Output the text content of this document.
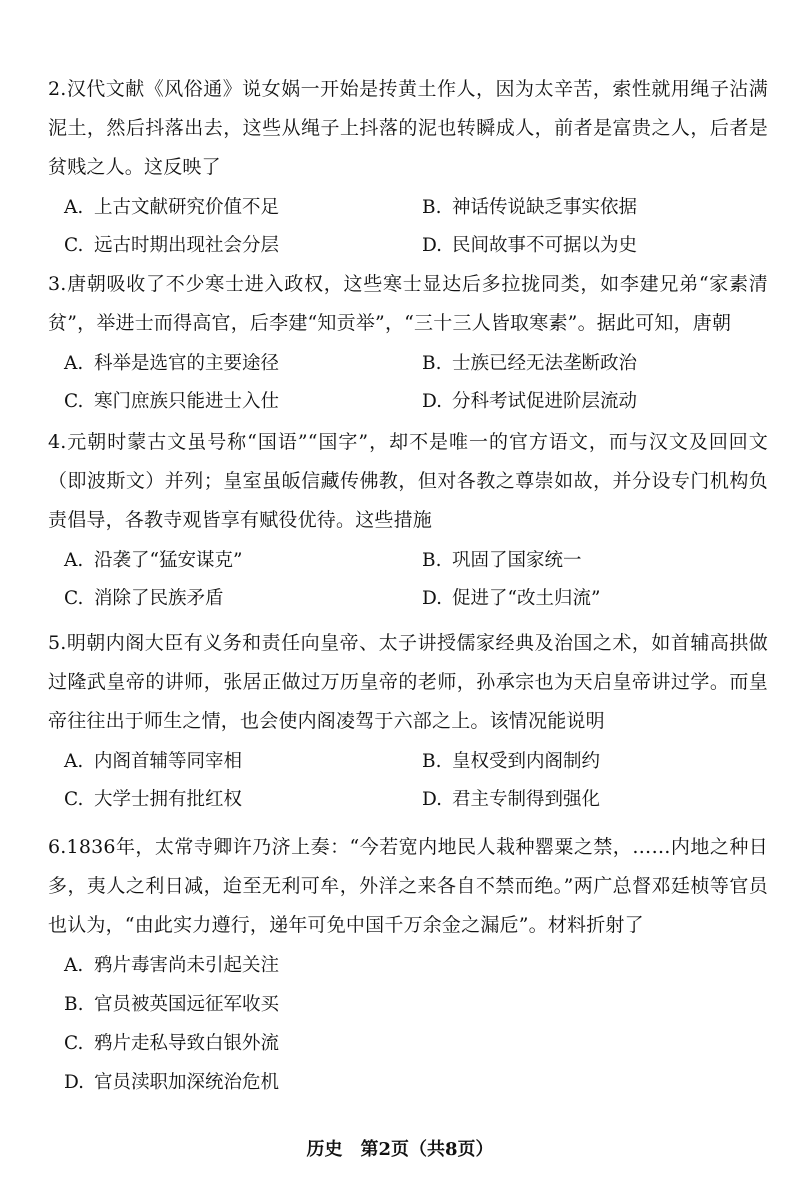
2.汉代文献《风俗通》说女娲一开始是抟黄土作人，因为太辛苦，索性就用绳子沾满泥土，然后抖落出去，这些从绳子上抖落的泥也转瞬成人，前者是富贵之人，后者是贫贱之人。这反映了

A. 上古文献研究价值不足	B. 神话传说缺乏事实依据
C. 远古时期出现社会分层	D. 民间故事不可据以为史

3.唐朝吸收了不少寒士进入政权，这些寒士显达后多拉拢同类，如李建兄弟“家素清贫”，举进士而得高官，后李建“知贡举”，“三十三人皆取寒素”。据此可知，唐朝

A. 科举是选官的主要途径	B. 士族已经无法垄断政治
C. 寒门庶族只能进士入仕	D. 分科考试促进阶层流动

4.元朝时蒙古文虽号称“国语”“国字”，却不是唯一的官方语文，而与汉文及回回文（即波斯文）并列；皇室虽皈信藏传佛教，但对各教之尊崇如故，并分设专门机构负责倡导，各教寺观皆享有赋役优待。这些措施

A. 沿袭了“猛安谋克”	B. 巩固了国家统一
C. 消除了民族矛盾	D. 促进了“改土归流”

5.明朝内阁大臣有义务和责任向皇帝、太子讲授儒家经典及治国之术，如首辅高拱做过隆武皇帝的讲师，张居正做过万历皇帝的老师，孙承宗也为天启皇帝讲过学。而皇帝往往出于师生之情，也会使内阁凌驾于六部之上。该情况能说明

A. 内阁首辅等同宰相	B. 皇权受到内阁制约
C. 大学士拥有批红权	D. 君主专制得到强化

6.1836年，太常寺卿许乃济上奏：“今若宽内地民人栽种罂粟之禁，……内地之种日多，夷人之利日减，迨至无利可牟，外洋之来各自不禁而绝。”两广总督邓廷桢等官员也认为，“由此实力遵行，递年可免中国千万余金之漏卮”。材料折射了

A. 鸦片毒害尚未引起关注
B. 官员被英国远征军收买
C. 鸦片走私导致白银外流
D. 官员渎职加深统治危机
历史　第2页（共8页）
